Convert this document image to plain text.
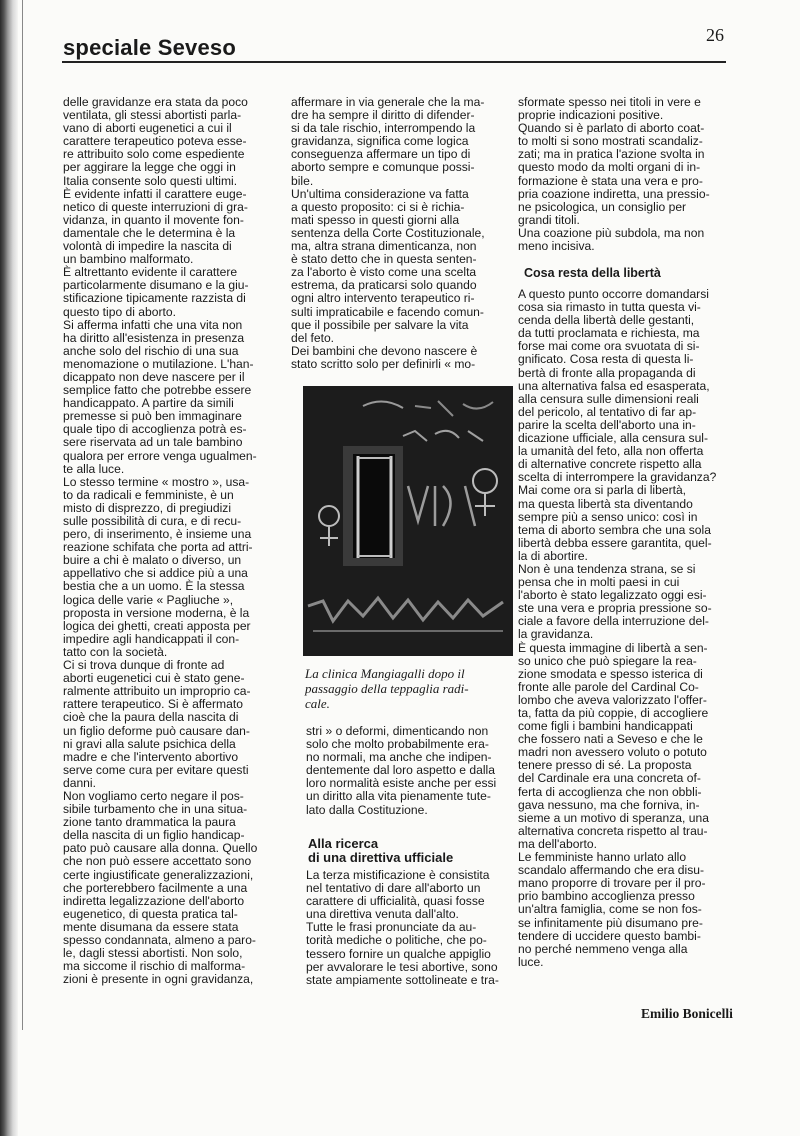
speciale Seveso	26

delle gravidanze era stata da poco
ventilata, gli stessi abortisti parla-
vano di aborti eugenetici a cui il
carattere terapeutico poteva esse-
re attribuito solo come espediente
per aggirare la legge che oggi in
Italia consente solo questi ultimi.
È evidente infatti il carattere euge-
netico di queste interruzioni di gra-
vidanza, in quanto il movente fon-
damentale che le determina è la
volontà di impedire la nascita di
un bambino malformato.
È altrettanto evidente il carattere
particolarmente disumano e la giu-
stificazione tipicamente razzista di
questo tipo di aborto.
Si afferma infatti che una vita non
ha diritto all'esistenza in presenza
anche solo del rischio di una sua
menomazione o mutilazione. L'han-
dicappato non deve nascere per il
semplice fatto che potrebbe essere
handicappato. A partire da simili
premesse si può ben immaginare
quale tipo di accoglienza potrà es-
sere riservata ad un tale bambino
qualora per errore venga ugualmen-
te alla luce.
Lo stesso termine « mostro », usa-
to da radicali e femministe, è un
misto di disprezzo, di pregiudizi
sulle possibilità di cura, e di recu-
pero, di inserimento, è insieme una
reazione schifata che porta ad attri-
buire a chi è malato o diverso, un
appellativo che si addice più a una
bestia che a un uomo. È la stessa
logica delle varie « Pagliuche »,
proposta in versione moderna, è la
logica dei ghetti, creati apposta per
impedire agli handicappati il con-
tatto con la società.
Ci si trova dunque di fronte ad
aborti eugenetici cui è stato gene-
ralmente attribuito un improprio ca-
rattere terapeutico. Si è affermato
cioè che la paura della nascita di
un figlio deforme può causare dan-
ni gravi alla salute psichica della
madre e che l'intervento abortivo
serve come cura per evitare questi
danni.
Non vogliamo certo negare il pos-
sibile turbamento che in una situa-
zione tanto drammatica la paura
della nascita di un figlio handicap-
pato può causare alla donna. Quello
che non può essere accettato sono
certe ingiustificate generalizzazioni,
che porterebbero facilmente a una
indiretta legalizzazione dell'aborto
eugenetico, di questa pratica tal-
mente disumana da essere stata
spesso condannata, almeno a paro-
le, dagli stessi abortisti. Non solo,
ma siccome il rischio di malforma-
zioni è presente in ogni gravidanza,

affermare in via generale che la ma-
dre ha sempre il diritto di difender-
si da tale rischio, interrompendo la
gravidanza, significa come logica
conseguenza affermare un tipo di
aborto sempre e comunque possi-
bile.
Un'ultima considerazione va fatta
a questo proposito: ci si è richia-
mati spesso in questi giorni alla
sentenza della Corte Costituzionale,
ma, altra strana dimenticanza, non
è stato detto che in questa senten-
za l'aborto è visto come una scelta
estrema, da praticarsi solo quando
ogni altro intervento terapeutico ri-
sulti impraticabile e facendo comun-
que il possibile per salvare la vita
del feto.
Dei bambini che devono nascere è
stato scritto solo per definirli « mo-

La clinica Mangiagalli dopo il
passaggio della teppaglia radi-
cale.

stri » o deformi, dimenticando non
solo che molto probabilmente era-
no normali, ma anche che indipen-
dentemente dal loro aspetto e dalla
loro normalità esiste anche per essi
un diritto alla vita pienamente tute-
lato dalla Costituzione.

Alla ricerca
di una direttiva ufficiale

La terza mistificazione è consistita
nel tentativo di dare all'aborto un
carattere di ufficialità, quasi fosse
una direttiva venuta dall'alto.
Tutte le frasi pronunciate da au-
torità mediche o politiche, che po-
tessero fornire un qualche appiglio
per avvalorare le tesi abortive, sono
state ampiamente sottolineate e tra-

sformate spesso nei titoli in vere e
proprie indicazioni positive.
Quando si è parlato di aborto coat-
to molti si sono mostrati scandaliz-
zati; ma in pratica l'azione svolta in
questo modo da molti organi di in-
formazione è stata una vera e pro-
pria coazione indiretta, una pressio-
ne psicologica, un consiglio per
grandi titoli.
Una coazione più subdola, ma non
meno incisiva.

Cosa resta della libertà

A questo punto occorre domandarsi
cosa sia rimasto in tutta questa vi-
cenda della libertà delle gestanti,
da tutti proclamata e richiesta, ma
forse mai come ora svuotata di si-
gnificato. Cosa resta di questa li-
bertà di fronte alla propaganda di
una alternativa falsa ed esasperata,
alla censura sulle dimensioni reali
del pericolo, al tentativo di far ap-
parire la scelta dell'aborto una in-
dicazione ufficiale, alla censura sul-
la umanità del feto, alla non offerta
di alternative concrete rispetto alla
scelta di interrompere la gravidanza?
Mai come ora si parla di libertà,
ma questa libertà sta diventando
sempre più a senso unico: così in
tema di aborto sembra che una sola
libertà debba essere garantita, quel-
la di abortire.
Non è una tendenza strana, se si
pensa che in molti paesi in cui
l'aborto è stato legalizzato oggi esi-
ste una vera e propria pressione so-
ciale a favore della interruzione del-
la gravidanza.
È questa immagine di libertà a sen-
so unico che può spiegare la rea-
zione smodata e spesso isterica di
fronte alle parole del Cardinal Co-
lombo che aveva valorizzato l'offer-
ta, fatta da più coppie, di accogliere
come figli i bambini handicappati
che fossero nati a Seveso e che le
madri non avessero voluto o potuto
tenere presso di sé. La proposta
del Cardinale era una concreta of-
ferta di accoglienza che non obbli-
gava nessuno, ma che forniva, in-
sieme a un motivo di speranza, una
alternativa concreta rispetto al trau-
ma dell'aborto.
Le femministe hanno urlato allo
scandalo affermando che era disu-
mano proporre di trovare per il pro-
prio bambino accoglienza presso
un'altra famiglia, come se non fos-
se infinitamente più disumano pre-
tendere di uccidere questo bambi-
no perché nemmeno venga alla
luce.

Emilio Bonicelli
